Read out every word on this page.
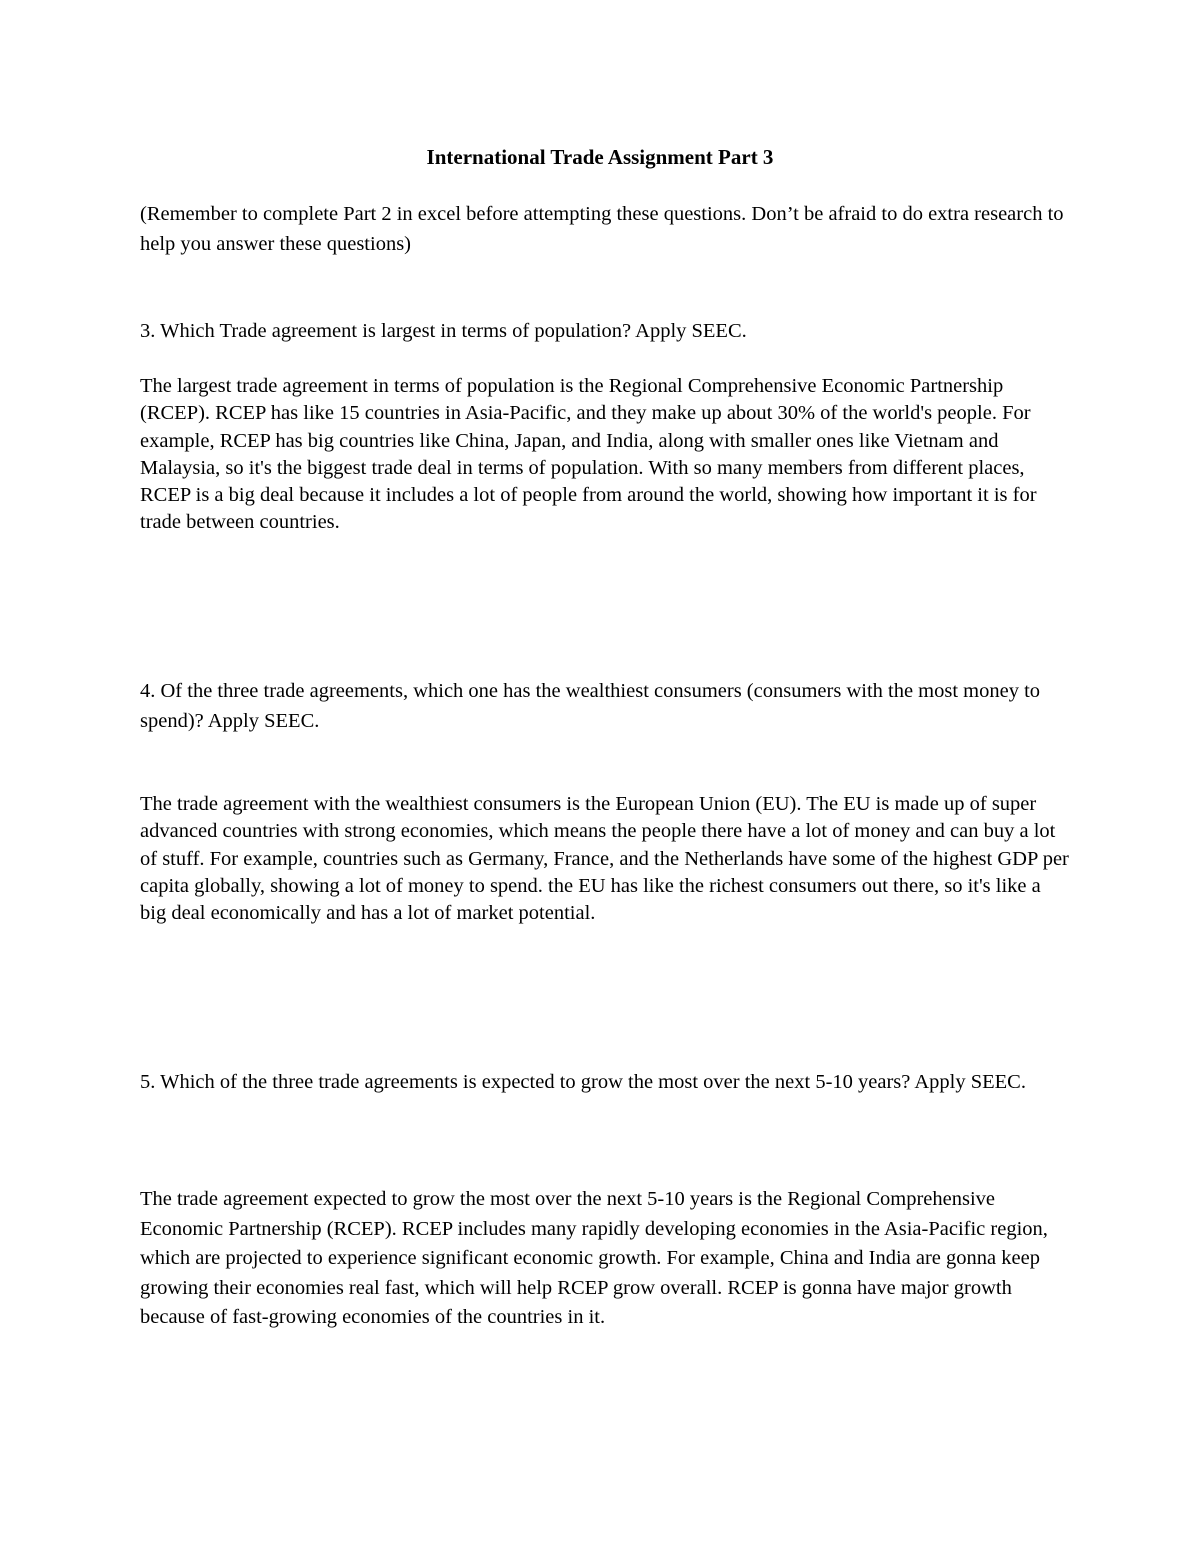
International Trade Assignment Part 3

(Remember to complete Part 2 in excel before attempting these questions. Don’t be afraid to do extra research to help you answer these questions)

3. Which Trade agreement is largest in terms of population? Apply SEEC.

The largest trade agreement in terms of population is the Regional Comprehensive Economic Partnership (RCEP). RCEP has like 15 countries in Asia-Pacific, and they make up about 30% of the world's people. For example, RCEP has big countries like China, Japan, and India, along with smaller ones like Vietnam and Malaysia, so it's the biggest trade deal in terms of population. With so many members from different places, RCEP is a big deal because it includes a lot of people from around the world, showing how important it is for trade between countries.

4. Of the three trade agreements, which one has the wealthiest consumers (consumers with the most money to spend)? Apply SEEC.

The trade agreement with the wealthiest consumers is the European Union (EU). The EU is made up of super advanced countries with strong economies, which means the people there have a lot of money and can buy a lot of stuff. For example, countries such as Germany, France, and the Netherlands have some of the highest GDP per capita globally, showing a lot of money to spend. the EU has like the richest consumers out there, so it's like a big deal economically and has a lot of market potential.

5. Which of the three trade agreements is expected to grow the most over the next 5-10 years? Apply SEEC.

The trade agreement expected to grow the most over the next 5-10 years is the Regional Comprehensive Economic Partnership (RCEP). RCEP includes many rapidly developing economies in the Asia-Pacific region, which are projected to experience significant economic growth. For example, China and India are gonna keep growing their economies real fast, which will help RCEP grow overall. RCEP is gonna have major growth because of fast-growing economies of the countries in it.
